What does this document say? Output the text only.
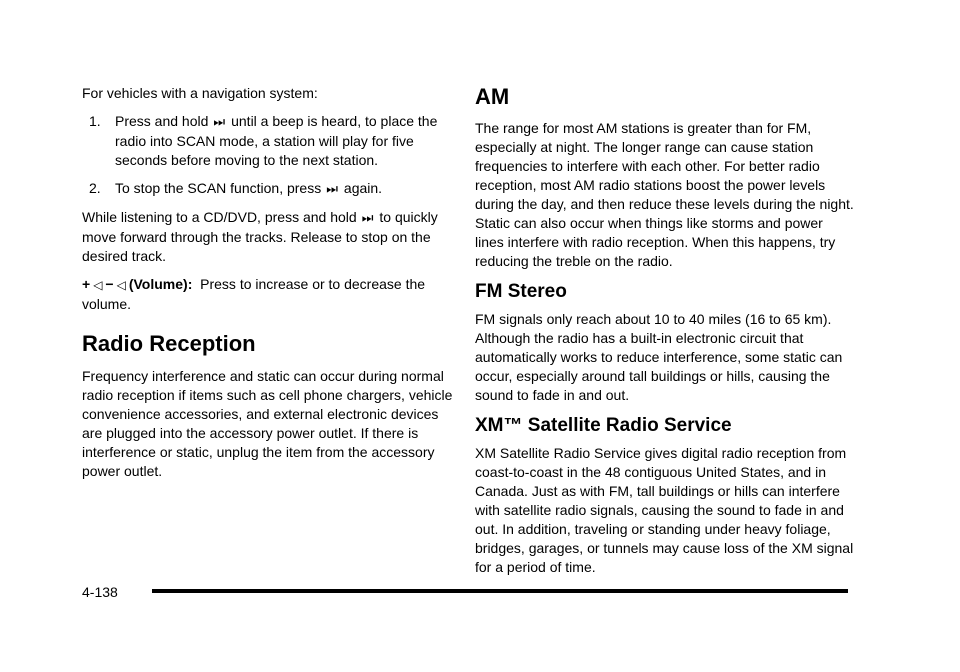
For vehicles with a navigation system:

1. Press and hold ⏭ until a beep is heard, to place the radio into SCAN mode, a station will play for five seconds before moving to the next station.
2. To stop the SCAN function, press ⏭ again.

While listening to a CD/DVD, press and hold ⏭ to quickly move forward through the tracks. Release to stop on the desired track.

+ ◁ − ◁ (Volume): Press to increase or to decrease the volume.

Radio Reception

Frequency interference and static can occur during normal radio reception if items such as cell phone chargers, vehicle convenience accessories, and external electronic devices are plugged into the accessory power outlet. If there is interference or static, unplug the item from the accessory power outlet.

AM

The range for most AM stations is greater than for FM, especially at night. The longer range can cause station frequencies to interfere with each other. For better radio reception, most AM radio stations boost the power levels during the day, and then reduce these levels during the night. Static can also occur when things like storms and power lines interfere with radio reception. When this happens, try reducing the treble on the radio.

FM Stereo

FM signals only reach about 10 to 40 miles (16 to 65 km). Although the radio has a built-in electronic circuit that automatically works to reduce interference, some static can occur, especially around tall buildings or hills, causing the sound to fade in and out.

XM™ Satellite Radio Service

XM Satellite Radio Service gives digital radio reception from coast-to-coast in the 48 contiguous United States, and in Canada. Just as with FM, tall buildings or hills can interfere with satellite radio signals, causing the sound to fade in and out. In addition, traveling or standing under heavy foliage, bridges, garages, or tunnels may cause loss of the XM signal for a period of time.

4-138
